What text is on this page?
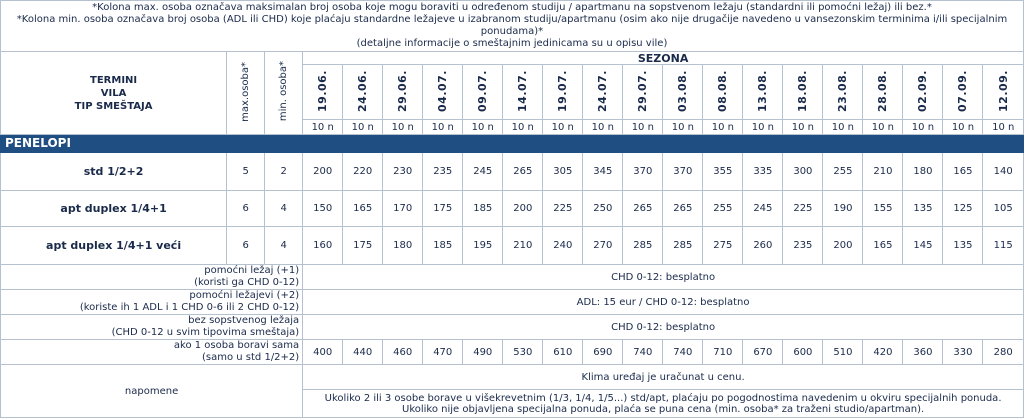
*Kolona max. osoba označava maksimalan broj osoba koje mogu boraviti u određenom studiju / apartmanu na sopstvenom ležaju (standardni ili pomoćni ležaj) ili bez.*
*Kolona min. osoba označava broj osoba (ADL ili CHD) koje plaćaju standardne ležajeve u izabranom studiju/apartmanu (osim ako nije drugačije navedeno u vansezonskim terminima i/ili specijalnim ponudama)*
(detaljne informacije o smeštajnim jedinicama su u opisu vile)																				

TERMINI
VILA
TIP SMEŠTAJA	max.osoba*	min. osoba*	SEZONA																	
			19.06.	24.06.	29.06.	04.07.	09.07.	14.07.	19.07.	24.07.	29.07.	03.08.	08.08.	13.08.	18.08.	23.08.	28.08.	02.09.	07.09.	12.09.
			10 n	10 n	10 n	10 n	10 n	10 n	10 n	10 n	10 n	10 n	10 n	10 n	10 n	10 n	10 n	10 n	10 n	10 n
PENELOPI																				
std 1/2+2	5	2	200	220	230	235	245	265	305	345	370	370	355	335	300	255	210	180	165	140
apt duplex 1/4+1	6	4	150	165	170	175	185	200	225	250	265	265	255	245	225	190	155	135	125	105
apt duplex 1/4+1 veći	6	4	160	175	180	185	195	210	240	270	285	285	275	260	235	200	165	145	135	115

pomoćni ležaj (+1)
(koristi ga CHD 0-12)			CHD 0-12: besplatno																	

pomoćni ležajevi (+2)
(koriste ih 1 ADL i 1 CHD 0-6 ili 2 CHD 0-12)			ADL: 15 eur / CHD 0-12: besplatno																	

bez sopstvenog ležaja
(CHD 0-12 u svim tipovima smeštaja)			CHD 0-12: besplatno																	

ako 1 osoba boravi sama
(samo u std 1/2+2)			400	440	460	470	490	530	610	690	740	740	710	670	600	510	420	360	330	280
napomene			Klima uređaj je uračunat u cenu.																	

			Ukoliko 2 ili 3 osobe borave u višekrevetnim (1/3, 1/4, 1/5...) std/apt, plaćaju po pogodnostima navedenim u okviru specijalnih ponuda.
Ukoliko nije objavljena specijalna ponuda, plaća se puna cena (min. osoba* za traženi studio/apartman).																	
